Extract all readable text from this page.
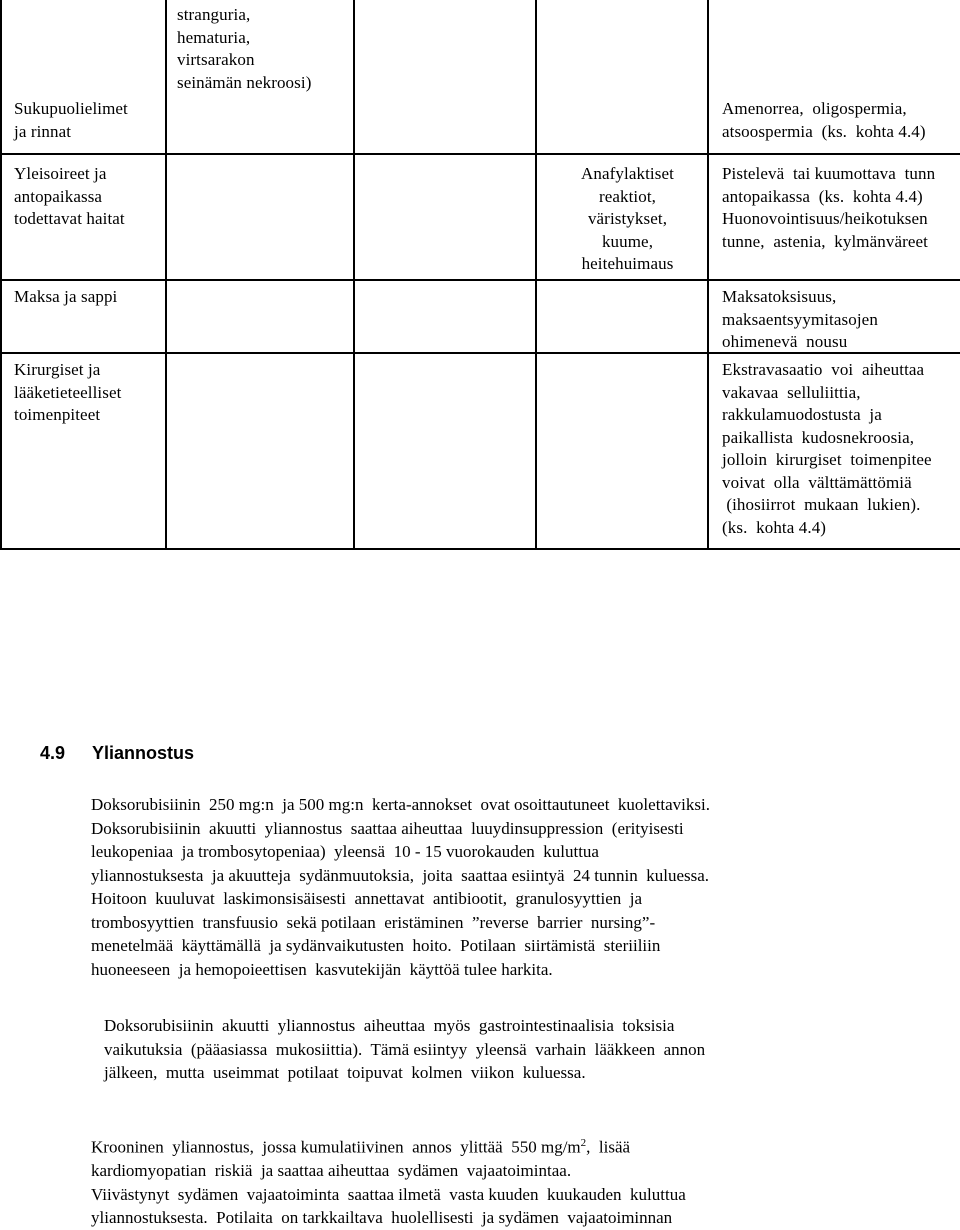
stranguria,
hematuria,
virtsarakon
seinämän nekroosi)
Sukupuolielimet
ja rinnat
Amenorrea,  oligospermia,
atsoospermia  (ks.  kohta 4.4)
Yleisoireet ja
antopaikassa
todettavat haitat
Anafylaktiset
reaktiot,
väristykset,
kuume,
heitehuimaus
Pistelevä  tai kuumottava  tunn
antopaikassa  (ks.  kohta 4.4)
Huonovointisuus/heikotuksen
tunne,  astenia,  kylmänväreet
Maksa ja sappi	Maksatoksisuus,
maksaentsyymitasojen
ohimenevä  nousu
Kirurgiset ja
lääketieteelliset
toimenpiteet
Ekstravasaatio  voi  aiheuttaa
vakavaa  selluliittia,
rakkulamuodostusta  ja
paikallista  kudosnekroosia,
jolloin  kirurgiset  toimenpitee
voivat  olla  välttämättömiä
(ihosiirrot  mukaan  lukien).
(ks.  kohta 4.4)
4.9 Yliannostus
Doksorubisiinin  250 mg:n  ja 500 mg:n  kerta-annokset  ovat osoittautuneet  kuolettaviksi.
Doksorubisiinin  akuutti  yliannostus  saattaa aiheuttaa  luuydinsuppression  (erityisesti
leukopeniaa  ja trombosytopeniaa)  yleensä  10 - 15 vuorokauden  kuluttua
yliannostuksesta  ja akuutteja  sydänmuutoksia,  joita  saattaa esiintyä  24 tunnin  kuluessa.
Hoitoon  kuuluvat  laskimonsisäisesti  annettavat  antibiootit,  granulosyyttien  ja
trombosyyttien  transfuusio  sekä potilaan  eristäminen  ”reverse  barrier  nursing”-
menetelmää  käyttämällä  ja sydänvaikutusten  hoito.  Potilaan  siirtämistä  steriiliin
huoneeseen  ja hemopoieettisen  kasvutekijän  käyttöä tulee harkita.
Doksorubisiinin  akuutti  yliannostus  aiheuttaa  myös  gastrointestinaalisia  toksisia
vaikutuksia  (pääasiassa  mukosiittia).  Tämä esiintyy  yleensä  varhain  lääkkeen  annon
jälkeen,  mutta  useimmat  potilaat  toipuvat  kolmen  viikon  kuluessa.
Krooninen  yliannostus,  jossa kumulatiivinen  annos  ylittää  550 $mg/m^2$,  lisää
kardiomyopatian  riskiä  ja saattaa aiheuttaa  sydämen  vajaatoimintaa.
Viivästynyt  sydämen  vajaatoiminta  saattaa ilmetä  vasta kuuden  kuukauden  kuluttua
yliannostuksesta.  Potilaita  on tarkkailtava  huolellisesti  ja sydämen  vajaatoiminnan
